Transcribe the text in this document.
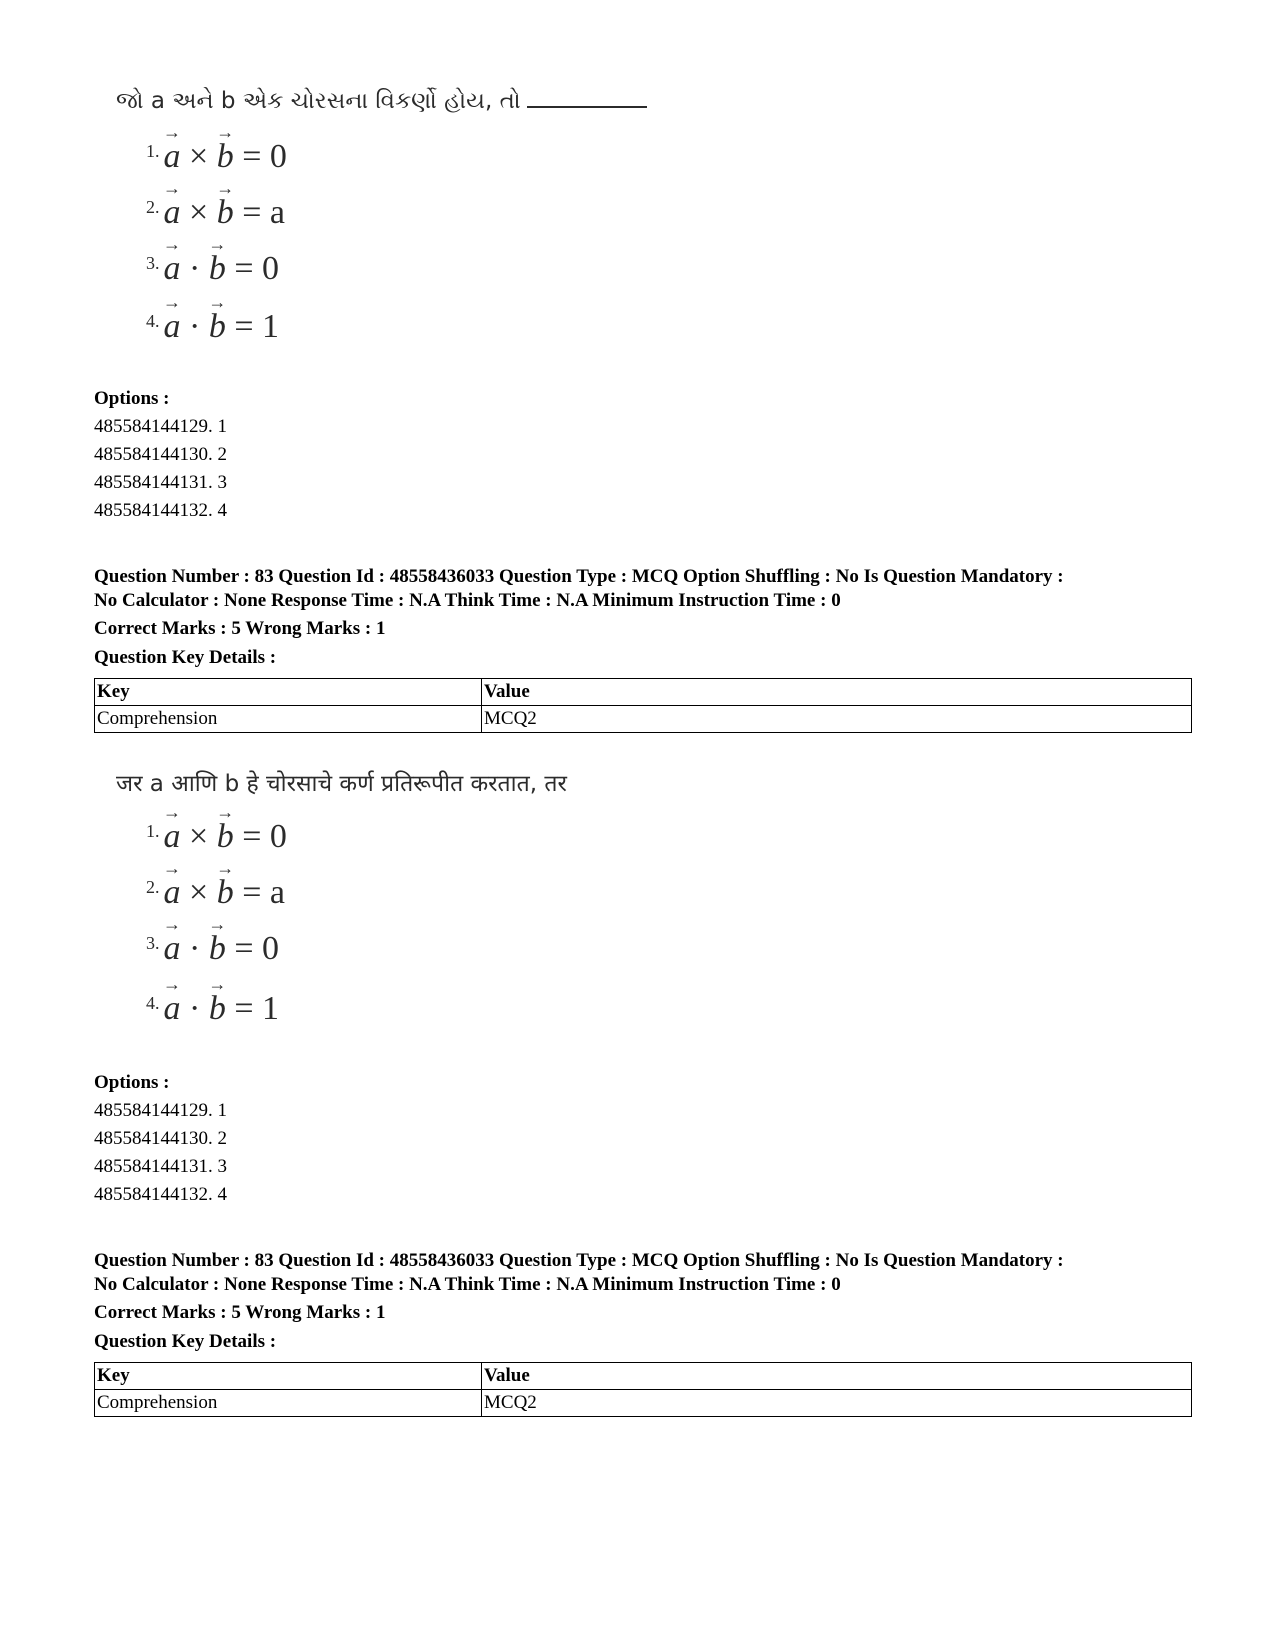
જો a અને b એક ચોરસના વિકર્ણો હોય, તો
1. → a × → b = 0
2. → a × → b = a
3. → a · → b = 0
4. → a · → b = 1
Options :
485584144129. 1
485584144130. 2
485584144131. 3
485584144132. 4
Question Number : 83 Question Id : 48558436033 Question Type : MCQ Option Shuffling : No Is Question Mandatory :
No Calculator : None Response Time : N.A Think Time : N.A Minimum Instruction Time : 0
Correct Marks : 5 Wrong Marks : 1
Question Key Details :
Key	Value
Comprehension	MCQ2
जर a आणि b हे चोरसाचे कर्ण प्रतिरूपीत करतात, तर
1. → a × → b = 0
2. → a × → b = a
3. → a · → b = 0
4. → a · → b = 1
Options :
485584144129. 1
485584144130. 2
485584144131. 3
485584144132. 4
Question Number : 83 Question Id : 48558436033 Question Type : MCQ Option Shuffling : No Is Question Mandatory :
No Calculator : None Response Time : N.A Think Time : N.A Minimum Instruction Time : 0
Correct Marks : 5 Wrong Marks : 1
Question Key Details :
Key	Value
Comprehension	MCQ2
